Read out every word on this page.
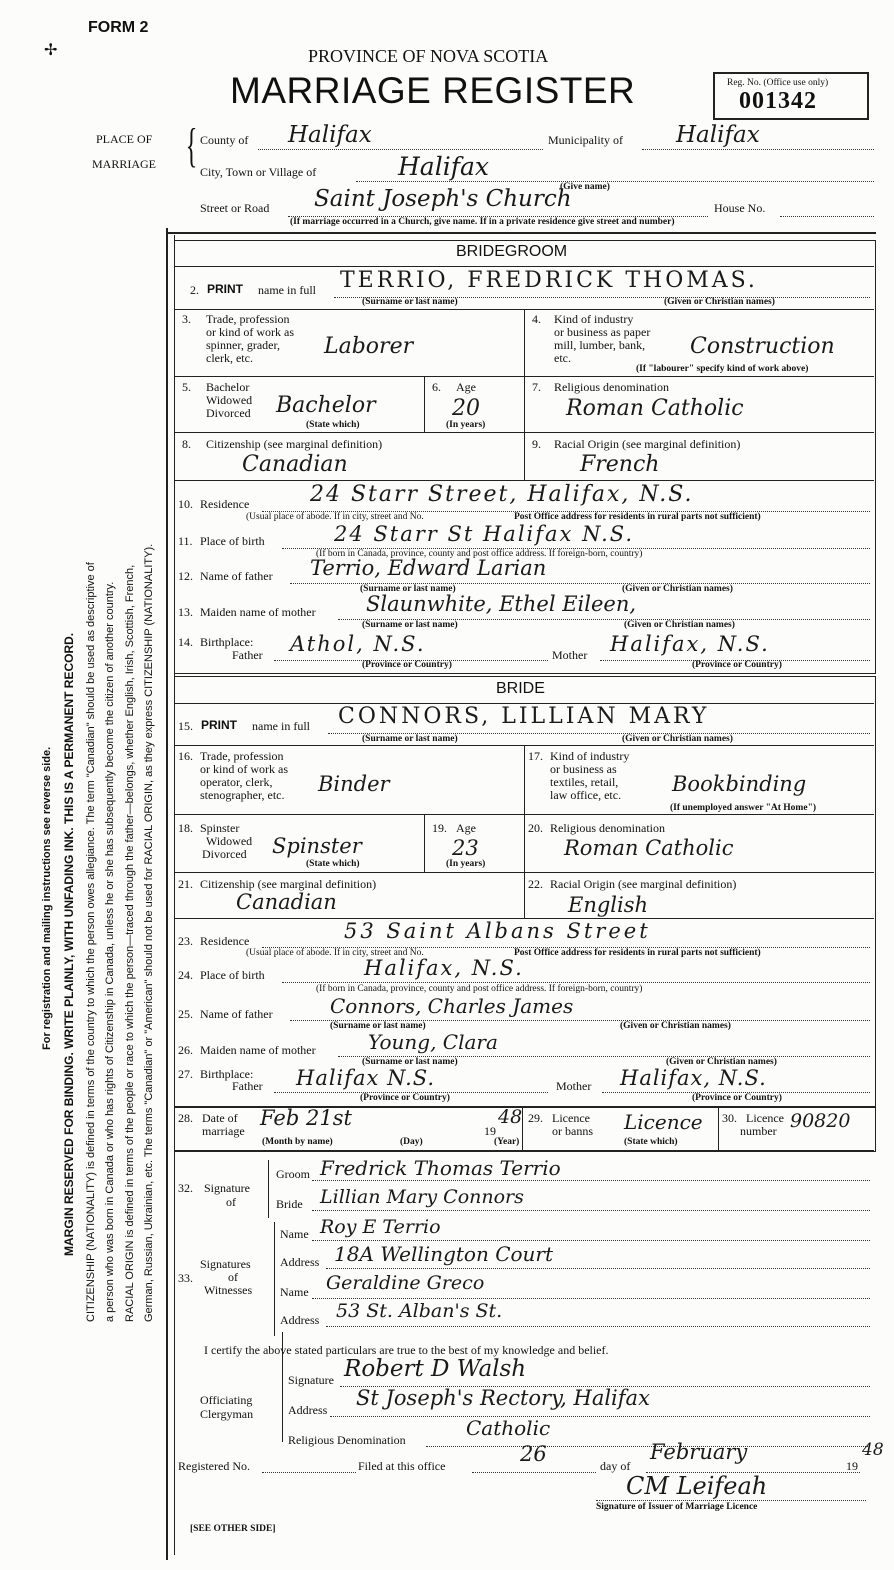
FORM 2
✢	PROVINCE OF NOVA SCOTIA
MARRIAGE REGISTER	Reg. No. (Office use only)
001342
PLACE OF
MARRIAGE { County of Halifax	Municipality of Halifax
City, Town or Village of	Halifax
(Give name)
Street or Road Saint Joseph's Church	House No.
(If marriage occurred in a Church, give name. If in a private residence give street and number)
For registration and mailing instructions see reverse side. MARGIN RESERVED FOR BINDING. WRITE PLAINLY, WITH UNFADING INK. THIS IS A PERMANENT RECORD. CITIZENSHIP (NATIONALITY) is defined in terms of the country to which the person owes allegiance. The term "Canadian" should be used as descriptive of a person who was born in Canada or who has rights of Citizenship in Canada, unless he or she has subsequently become the citizen of another country. RACIAL ORIGIN is defined in terms of the people or race to which the person—traced through the father—belongs, whether English, Irish, Scottish, French, German, Russian, Ukrainian, etc. The terms "Canadian" or "American" should not be used for RACIAL ORIGIN, as they express CITIZENSHIP (NATIONALITY).
BRIDEGROOM
2. PRINT name in full TERRIO, FREDRICK THOMAS.
(Surname or last name)	(Given or Christian names)
3. Trade, profession
or kind of work as
spinner, grader,
clerk, etc.	Laborer
4. Kind of industry
or business as paper
mill, lumber, bank,
etc.	Construction
(If "labourer" specify kind of work above)
5. Bachelor
Widowed
Divorced Bachelor
(State which)
6. Age
20
(In years)
7. Religious denomination
Roman Catholic
8. Citizenship (see marginal definition)
Canadian
9. Racial Origin (see marginal definition)
French
10. Residence	24 Starr Street, Halifax, N.S.
(Usual place of abode. If in city, street and No.	Post Office address for residents in rural parts not sufficient)
11. Place of birth	24 Starr St Halifax N.S.
(If born in Canada, province, county and post office address. If foreign-born, country)
12. Name of father Terrio, Edward Larian
(Surname or last name)	(Given or Christian names)
13. Maiden name of mother Slaunwhite, Ethel Eileen,
(Surname or last name)	(Given or Christian names)
14. Birthplace:
Father Athol, N.S.	Mother Halifax, N.S.
(Province or Country)	(Province or Country)
BRIDE
15. PRINT name in full CONNORS, LILLIAN MARY
(Surname or last name)	(Given or Christian names)
16. Trade, profession
or kind of work as
operator, clerk,
stenographer, etc. Binder
17. Kind of industry
or business as
textiles, retail,
law office, etc. Bookbinding
(If unemployed answer "At Home")
18. Spinster
Widowed
Divorced Spinster
(State which)
19. Age
23
(In years)
20. Religious denomination
Roman Catholic
21. Citizenship (see marginal definition)
Canadian
22. Racial Origin (see marginal definition)
English
23. Residence	53 Saint Albans Street
(Usual place of abode. If in city, street and No.	Post Office address for residents in rural parts not sufficient)
24. Place of birth	Halifax, N.S.
(If born in Canada, province, county and post office address. If foreign-born, country)
25. Name of father	Connors, Charles James
(Surname or last name)	(Given or Christian names)
26. Maiden name of mother	Young, Clara
(Surname or last name)	(Given or Christian names)
27. Birthplace:
Father Halifax N.S.	Mother Halifax, N.S.
(Province or Country)	(Province or Country)
28. Date of
marriage
Feb 21st
19
48
(Month by name)	(Day)	(Year)
29. Licence
or banns Licence
(State which)
30. Licence
number 90820
32. Signature
of
Groom Fredrick Thomas Terrio
Bride Lillian Mary Connors
33.
Signatures
of
Witnesses
Name Roy E Terrio
Address 18A Wellington Court
Name Geraldine Greco
Address 53 St. Alban's St.
I certify the above stated particulars are true to the best of my knowledge and belief.
Officiating
Clergyman
Signature Robert D Walsh
Address St Joseph's Rectory, Halifax
Religious Denomination	Catholic
Registered No.	Filed at this office	26	day of
February
19
48
CM Leifeah
Signature of Issuer of Marriage Licence
[SEE OTHER SIDE]
